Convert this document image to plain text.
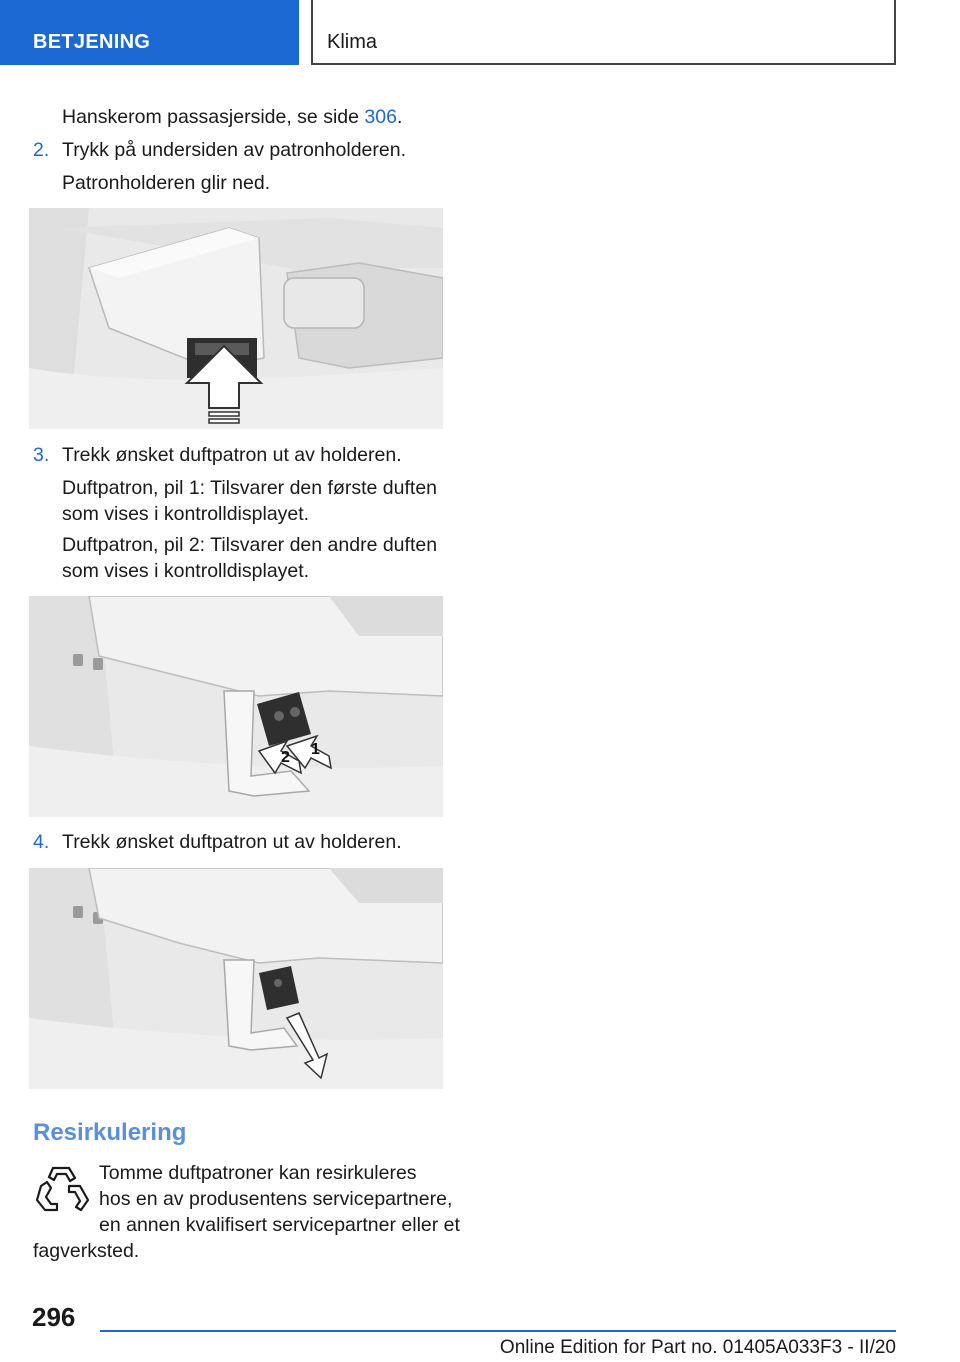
BETJENING	Klima
Hanskerom passasjerside, se side 306.
2. Trykk på undersiden av patronholderen.
Patronholderen glir ned.
3. Trekk ønsket duftpatron ut av holderen.
Duftpatron, pil 1: Tilsvarer den første duften
som vises i kontrolldisplayet.
Duftpatron, pil 2: Tilsvarer den andre duften
som vises i kontrolldisplayet.
1
2
4. Trekk ønsket duftpatron ut av holderen.
Resirkulering
Tomme duftpatroner kan resirkuleres
hos en av produsentens servicepartnere,
en annen kvalifisert servicepartner eller et
fagverksted.
296
Online Edition for Part no. 01405A033F3 - II/20
